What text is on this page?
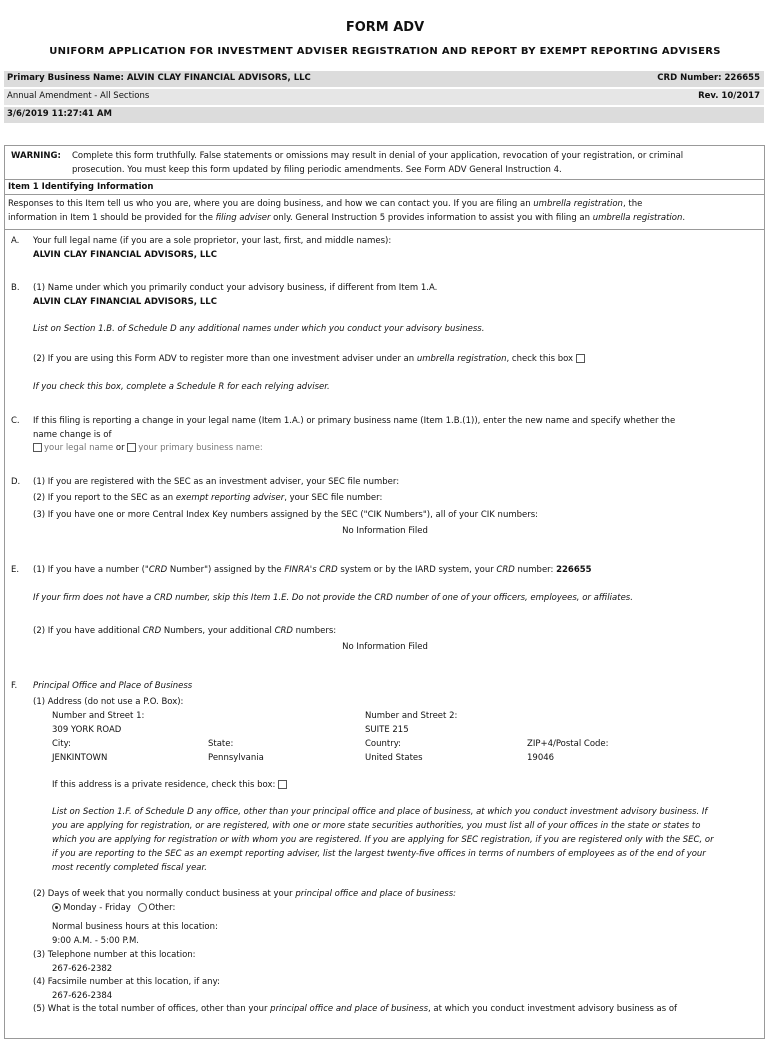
FORM ADV
UNIFORM APPLICATION FOR INVESTMENT ADVISER REGISTRATION AND REPORT BY EXEMPT REPORTING ADVISERS
Primary Business Name: ALVIN CLAY FINANCIAL ADVISORS, LLC	CRD Number: 226655
Annual Amendment - All Sections	Rev. 10/2017
3/6/2019 11:27:41 AM
WARNING: Complete this form truthfully. False statements or omissions may result in denial of your application, revocation of your registration, or criminal
prosecution. You must keep this form updated by filing periodic amendments. See Form ADV General Instruction 4.
Item 1 Identifying Information
Responses to this Item tell us who you are, where you are doing business, and how we can contact you. If you are filing an umbrella registration, the
information in Item 1 should be provided for the filing adviser only. General Instruction 5 provides information to assist you with filing an umbrella registration.
A. Your full legal name (if you are a sole proprietor, your last, first, and middle names):
ALVIN CLAY FINANCIAL ADVISORS, LLC
B. (1) Name under which you primarily conduct your advisory business, if different from Item 1.A.
ALVIN CLAY FINANCIAL ADVISORS, LLC
List on Section 1.B. of Schedule D any additional names under which you conduct your advisory business.
(2) If you are using this Form ADV to register more than one investment adviser under an umbrella registration, check this box
If you check this box, complete a Schedule R for each relying adviser.
C. If this filing is reporting a change in your legal name (Item 1.A.) or primary business name (Item 1.B.(1)), enter the new name and specify whether the
name change is of
your legal name or your primary business name:
D. (1) If you are registered with the SEC as an investment adviser, your SEC file number:
(2) If you report to the SEC as an exempt reporting adviser, your SEC file number:
(3) If you have one or more Central Index Key numbers assigned by the SEC ("CIK Numbers"), all of your CIK numbers:
No Information Filed
E. (1) If you have a number ("CRD Number") assigned by the FINRA's CRD system or by the IARD system, your CRD number: 226655
If your firm does not have a CRD number, skip this Item 1.E. Do not provide the CRD number of one of your officers, employees, or affiliates.
(2) If you have additional CRD Numbers, your additional CRD numbers:
No Information Filed
F. Principal Office and Place of Business
(1) Address (do not use a P.O. Box):
Number and Street 1:
309 YORK ROAD
Number and Street 2:
SUITE 215
City:
JENKINTOWN
State:
Pennsylvania
Country:
United States
ZIP+4/Postal Code:
19046
If this address is a private residence, check this box:
List on Section 1.F. of Schedule D any office, other than your principal office and place of business, at which you conduct investment advisory business. If
you are applying for registration, or are registered, with one or more state securities authorities, you must list all of your offices in the state or states to
which you are applying for registration or with whom you are registered. If you are applying for SEC registration, if you are registered only with the SEC, or
if you are reporting to the SEC as an exempt reporting adviser, list the largest twenty-five offices in terms of numbers of employees as of the end of your
most recently completed fiscal year.
(2) Days of week that you normally conduct business at your principal office and place of business:
Monday - Friday Other:
Normal business hours at this location:
9:00 A.M. - 5:00 P.M.
(3) Telephone number at this location:
267-626-2382
(4) Facsimile number at this location, if any:
267-626-2384
(5) What is the total number of offices, other than your principal office and place of business, at which you conduct investment advisory business as of
